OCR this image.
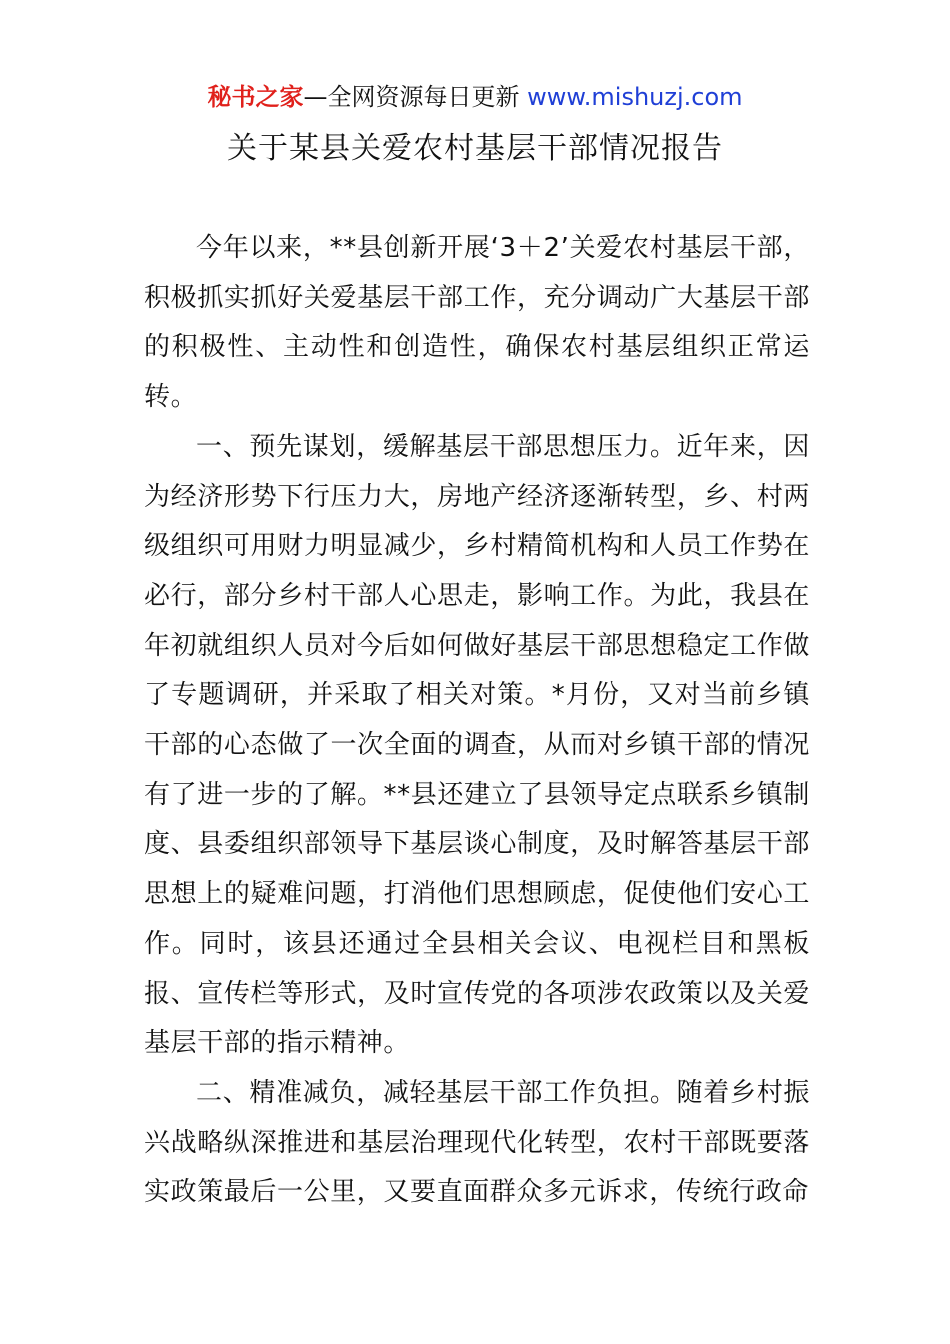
秘书之家—全网资源每日更新 www.mishuzj.com
关于某县关爱农村基层干部情况报告

今年以来，**县创新开展‘3＋2’关爱农村基层干部，积极抓实抓好关爱基层干部工作，充分调动广大基层干部的积极性、主动性和创造性，确保农村基层组织正常运转。

一、预先谋划，缓解基层干部思想压力。近年来，因为经济形势下行压力大，房地产经济逐渐转型，乡、村两级组织可用财力明显减少，乡村精简机构和人员工作势在必行，部分乡村干部人心思走，影响工作。为此，我县在年初就组织人员对今后如何做好基层干部思想稳定工作做了专题调研，并采取了相关对策。*月份，又对当前乡镇干部的心态做了一次全面的调查，从而对乡镇干部的情况有了进一步的了解。**县还建立了县领导定点联系乡镇制度、县委组织部领导下基层谈心制度，及时解答基层干部思想上的疑难问题，打消他们思想顾虑，促使他们安心工作。同时，该县还通过全县相关会议、电视栏目和黑板报、宣传栏等形式，及时宣传党的各项涉农政策以及关爱基层干部的指示精神。

二、精准减负，减轻基层干部工作负担。随着乡村振兴战略纵深推进和基层治理现代化转型，农村干部既要落实政策最后一公里，又要直面群众多元诉求，传统行政命
